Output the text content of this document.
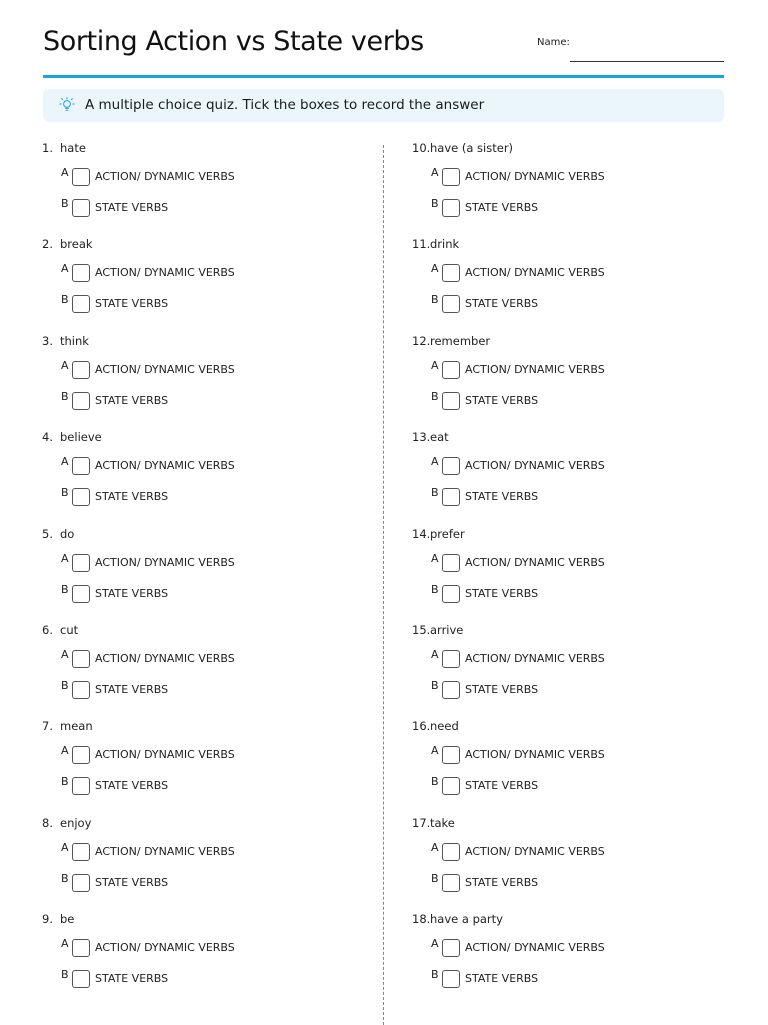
Sorting Action vs State verbs	Name:
A multiple choice quiz. Tick the boxes to record the answer
1. hate
A ACTION/ DYNAMIC VERBS
B STATE VERBS
2. break
A ACTION/ DYNAMIC VERBS
B STATE VERBS
3. think
A ACTION/ DYNAMIC VERBS
B STATE VERBS
4. believe
A ACTION/ DYNAMIC VERBS
B STATE VERBS
5. do
A ACTION/ DYNAMIC VERBS
B STATE VERBS
6. cut
A ACTION/ DYNAMIC VERBS
B STATE VERBS
7. mean
A ACTION/ DYNAMIC VERBS
B STATE VERBS
8. enjoy
A ACTION/ DYNAMIC VERBS
B STATE VERBS
9. be
A ACTION/ DYNAMIC VERBS
B STATE VERBS
10.have (a sister)
A ACTION/ DYNAMIC VERBS
B STATE VERBS
11.drink
A ACTION/ DYNAMIC VERBS
B STATE VERBS
12.remember
A ACTION/ DYNAMIC VERBS
B STATE VERBS
13.eat
A ACTION/ DYNAMIC VERBS
B STATE VERBS
14.prefer
A ACTION/ DYNAMIC VERBS
B STATE VERBS
15.arrive
A ACTION/ DYNAMIC VERBS
B STATE VERBS
16.need
A ACTION/ DYNAMIC VERBS
B STATE VERBS
17.take
A ACTION/ DYNAMIC VERBS
B STATE VERBS
18.have a party
A ACTION/ DYNAMIC VERBS
B STATE VERBS
